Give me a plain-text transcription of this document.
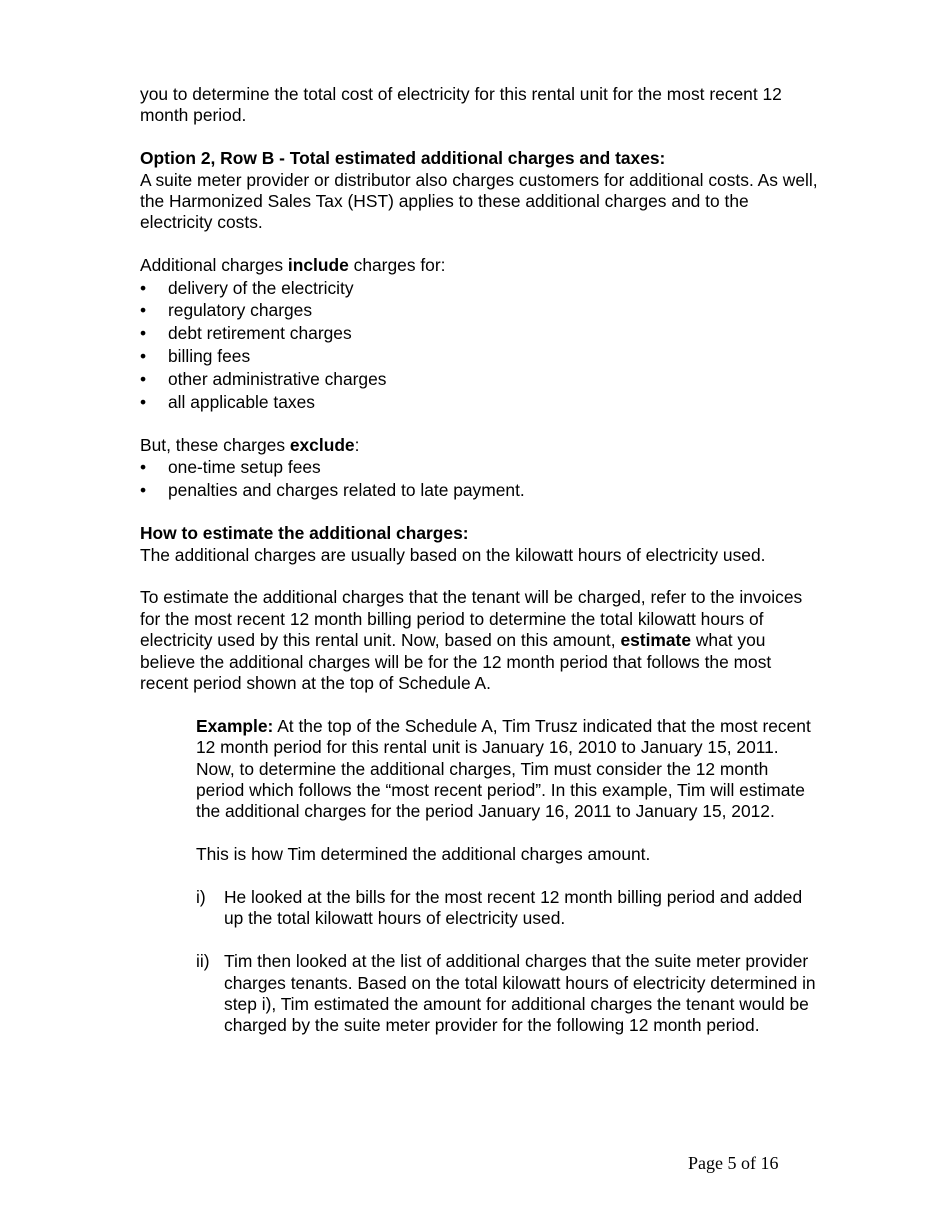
you to determine the total cost of electricity for this rental unit for the most recent 12 month period.

Option 2, Row B - Total estimated additional charges and taxes:

A suite meter provider or distributor also charges customers for additional costs. As well, the Harmonized Sales Tax (HST) applies to these additional charges and to the electricity costs.

Additional charges include charges for:

•	delivery of the electricity
•	regulatory charges
•	debt retirement charges
•	billing fees
•	other administrative charges
•	all applicable taxes

But, these charges exclude:

•	one-time setup fees
•	penalties and charges related to late payment.

How to estimate the additional charges:

The additional charges are usually based on the kilowatt hours of electricity used.

To estimate the additional charges that the tenant will be charged, refer to the invoices for the most recent 12 month billing period to determine the total kilowatt hours of electricity used by this rental unit. Now, based on this amount, estimate what you believe the additional charges will be for the 12 month period that follows the most recent period shown at the top of Schedule A.

Example: At the top of the Schedule A, Tim Trusz indicated that the most recent 12 month period for this rental unit is January 16, 2010 to January 15, 2011. Now, to determine the additional charges, Tim must consider the 12 month period which follows the “most recent period”. In this example, Tim will estimate the additional charges for the period January 16, 2011 to January 15, 2012.

This is how Tim determined the additional charges amount.

i) He looked at the bills for the most recent 12 month billing period and added up the total kilowatt hours of electricity used.
ii) Tim then looked at the list of additional charges that the suite meter provider charges tenants. Based on the total kilowatt hours of electricity determined in step i), Tim estimated the amount for additional charges the tenant would be charged by the suite meter provider for the following 12 month period.
Page 5 of 16
